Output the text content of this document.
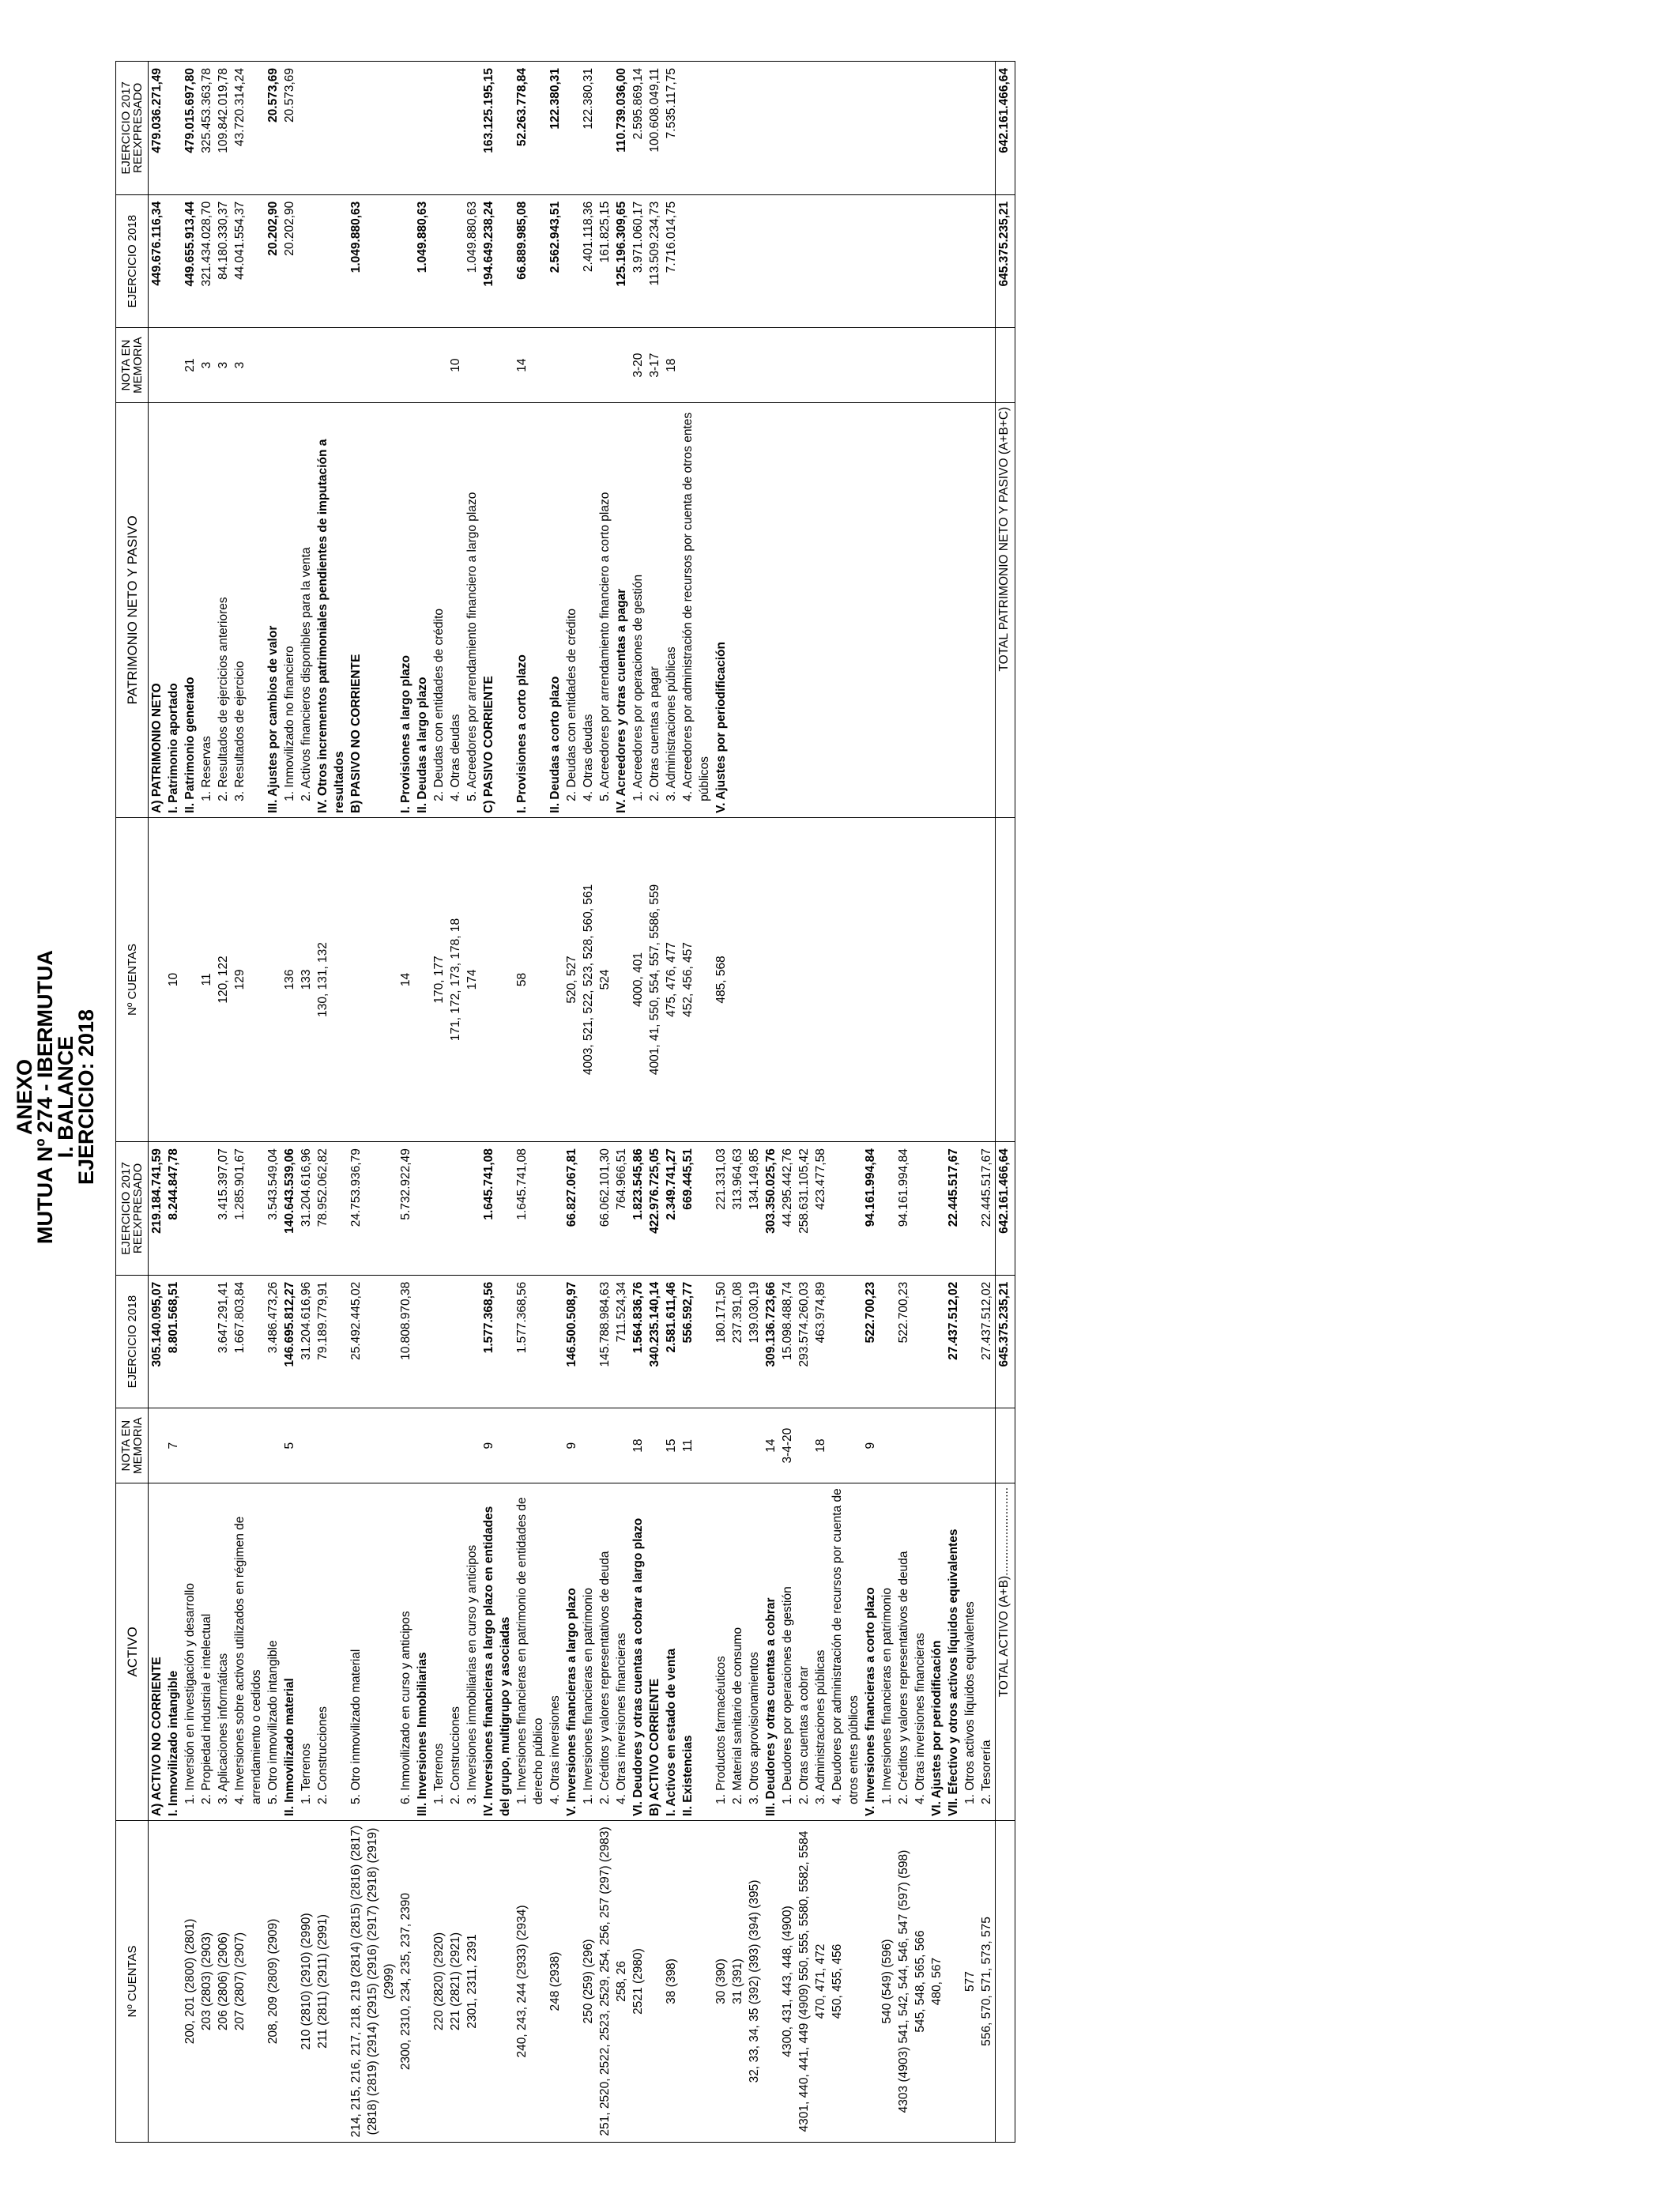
ANEXO
MUTUA Nº 274 - IBERMUTUA
I. BALANCE
EJERCICIO: 2018
Nº CUENTAS	ACTIVO	NOTA EN MEMORIA	EJERCICIO 2018	EJERCICIO 2017 REEXPRESADO	Nº CUENTAS	PATRIMONIO NETO Y PASIVO	NOTA EN MEMORIA	EJERCICIO 2018	EJERCICIO 2017 REEXPRESADO
	A) ACTIVO NO CORRIENTE		305.140.095,07	219.184.741,59		A) PATRIMONIO NETO		449.676.116,34	479.036.271,49
	I. Inmovilizado intangible	7	8.801.568,51	8.244.847,78	10	I. Patrimonio aportado			
200, 201 (2800) (2801)	1. Inversión en investigación y desarrollo					II. Patrimonio generado	21	449.655.913,44	479.015.697,80
203 (2803) (2903)	2. Propiedad industrial e intelectual				11	1. Reservas	3	321.434.028,70	325.453.363,78
206 (2806) (2906)	3. Aplicaciones informáticas		3.647.291,41	3.415.397,07	120, 122	2. Resultados de ejercicios anteriores	3	84.180.330,37	109.842.019,78
207 (2807) (2907)	4. Inversiones sobre activos utilizados en régimen de arrendamiento o cedidos		1.667.803,84	1.285.901,67	129	3. Resultados de ejercicio	3	44.041.554,37	43.720.314,24
208, 209 (2809) (2909)	5. Otro inmovilizado intangible		3.486.473,26	3.543.549,04		III. Ajustes por cambios de valor		20.202,90	20.573,69
	II. Inmovilizado material	5	146.695.812,27	140.643.539,06	136	1. Inmovilizado no financiero		20.202,90	20.573,69
210 (2810) (2910) (2990)	1. Terrenos		31.204.616,96	31.204.616,96	133	2. Activos financieros disponibles para la venta			
211 (2811) (2911) (2991)	2. Construcciones		79.189.779,91	78.952.062,82	130, 131, 132	IV. Otros incrementos patrimoniales pendientes de imputación a resultados			
214, 215, 216, 217, 218, 219 (2814) (2815) (2816) (2817) (2818) (2819) (2914) (2915) (2916) (2917) (2918) (2919) (2999)	5. Otro inmovilizado material		25.492.445,02	24.753.936,79		B) PASIVO NO CORRIENTE		1.049.880,63	
2300, 2310, 234, 235, 237, 2390	6. Inmovilizado en curso y anticipos		10.808.970,38	5.732.922,49	14	I. Provisiones a largo plazo			
	III. Inversiones Inmobiliarias					II. Deudas a largo plazo		1.049.880,63	
220 (2820) (2920)	1. Terrenos				170, 177	2. Deudas con entidades de crédito			
221 (2821) (2921)	2. Construcciones				171, 172, 173, 178, 18	4. Otras deudas	10		
2301, 2311, 2391	3. Inversiones inmobiliarias en curso y anticipos				174	5. Acreedores por arrendamiento financiero a largo plazo		1.049.880,63	
	IV. Inversiones financieras a largo plazo en entidades del grupo, multigrupo y asociadas	9	1.577.368,56	1.645.741,08		C) PASIVO CORRIENTE		194.649.238,24	163.125.195,15
240, 243, 244 (2933) (2934)	1. Inversiones financieras en patrimonio de entidades de derecho público		1.577.368,56	1.645.741,08	58	I. Provisiones a corto plazo	14	66.889.985,08	52.263.778,84
248 (2938)	4. Otras inversiones					II. Deudas a corto plazo		2.562.943,51	122.380,31
	V. Inversiones financieras a largo plazo	9	146.500.508,97	66.827.067,81	520, 527	2. Deudas con entidades de crédito			
250 (259) (296)	1. Inversiones financieras en patrimonio				4003, 521, 522, 523, 528, 560, 561	4. Otras deudas		2.401.118,36	122.380,31
251, 2520, 2522, 2523, 2529, 254, 256, 257 (297) (2983)	2. Créditos y valores representativos de deuda		145.788.984,63	66.062.101,30	524	5. Acreedores por arrendamiento financiero a corto plazo		161.825,15	
258, 26	4. Otras inversiones financieras		711.524,34	764.966,51		IV. Acreedores y otras cuentas a pagar		125.196.309,65	110.739.036,00
2521 (2980)	VI. Deudores y otras cuentas a cobrar a largo plazo	18	1.564.836,76	1.823.545,86	4000, 401	1. Acreedores por operaciones de gestión	3-20	3.971.060,17	2.595.869,14
	B) ACTIVO CORRIENTE		340.235.140,14	422.976.725,05	4001, 41, 550, 554, 557, 5586, 559	2. Otras cuentas a pagar	3-17	113.509.234,73	100.608.049,11
38 (398)	I. Activos en estado de venta	15	2.581.611,46	2.349.741,27	475, 476, 477	3. Administraciones públicas	18	7.716.014,75	7.535.117,75
	II. Existencias	11	556.592,77	669.445,51	452, 456, 457	4. Acreedores por administración de recursos por cuenta de otros entes públicos			
30 (390)	1. Productos farmacéuticos		180.171,50	221.331,03	485, 568	V. Ajustes por periodificación			
31 (391)	2. Material sanitario de consumo		237.391,08	313.964,63					
32, 33, 34, 35 (392) (393) (394) (395)	3. Otros aprovisionamientos		139.030,19	134.149,85					
	III. Deudores y otras cuentas a cobrar	14	309.136.723,66	303.350.025,76					
4300, 431, 443, 448, (4900)	1. Deudores por operaciones de gestión	3-4-20	15.098.488,74	44.295.442,76					
4301, 440, 441, 449 (4909) 550, 555, 5580, 5582, 5584	2. Otras cuentas a cobrar		293.574.260,03	258.631.105,42					
470, 471, 472	3. Administraciones públicas	18	463.974,89	423.477,58					
450, 455, 456	4. Deudores por administración de recursos por cuenta de otros entes públicos								
	V. Inversiones financieras a corto plazo	9	522.700,23	94.161.994,84					
540 (549) (596)	1. Inversiones financieras en patrimonio								
4303 (4903) 541, 542, 544, 546, 547 (597) (598)	2. Créditos y valores representativos de deuda		522.700,23	94.161.994,84					
545, 548, 565, 566	4. Otras inversiones financieras								
480, 567	VI. Ajustes por periodificación								
	VII. Efectivo y otros activos líquidos equivalentes		27.437.512,02	22.445.517,67					
577	1. Otros activos líquidos equivalentes								
556, 570, 571, 573, 575	2. Tesorería		27.437.512,02	22.445.517,67					
	TOTAL ACTIVO (A+B)..........................		645.375.235,21	642.161.466,64		TOTAL PATRIMONIO NETO Y PASIVO (A+B+C)		645.375.235,21	642.161.466,64
